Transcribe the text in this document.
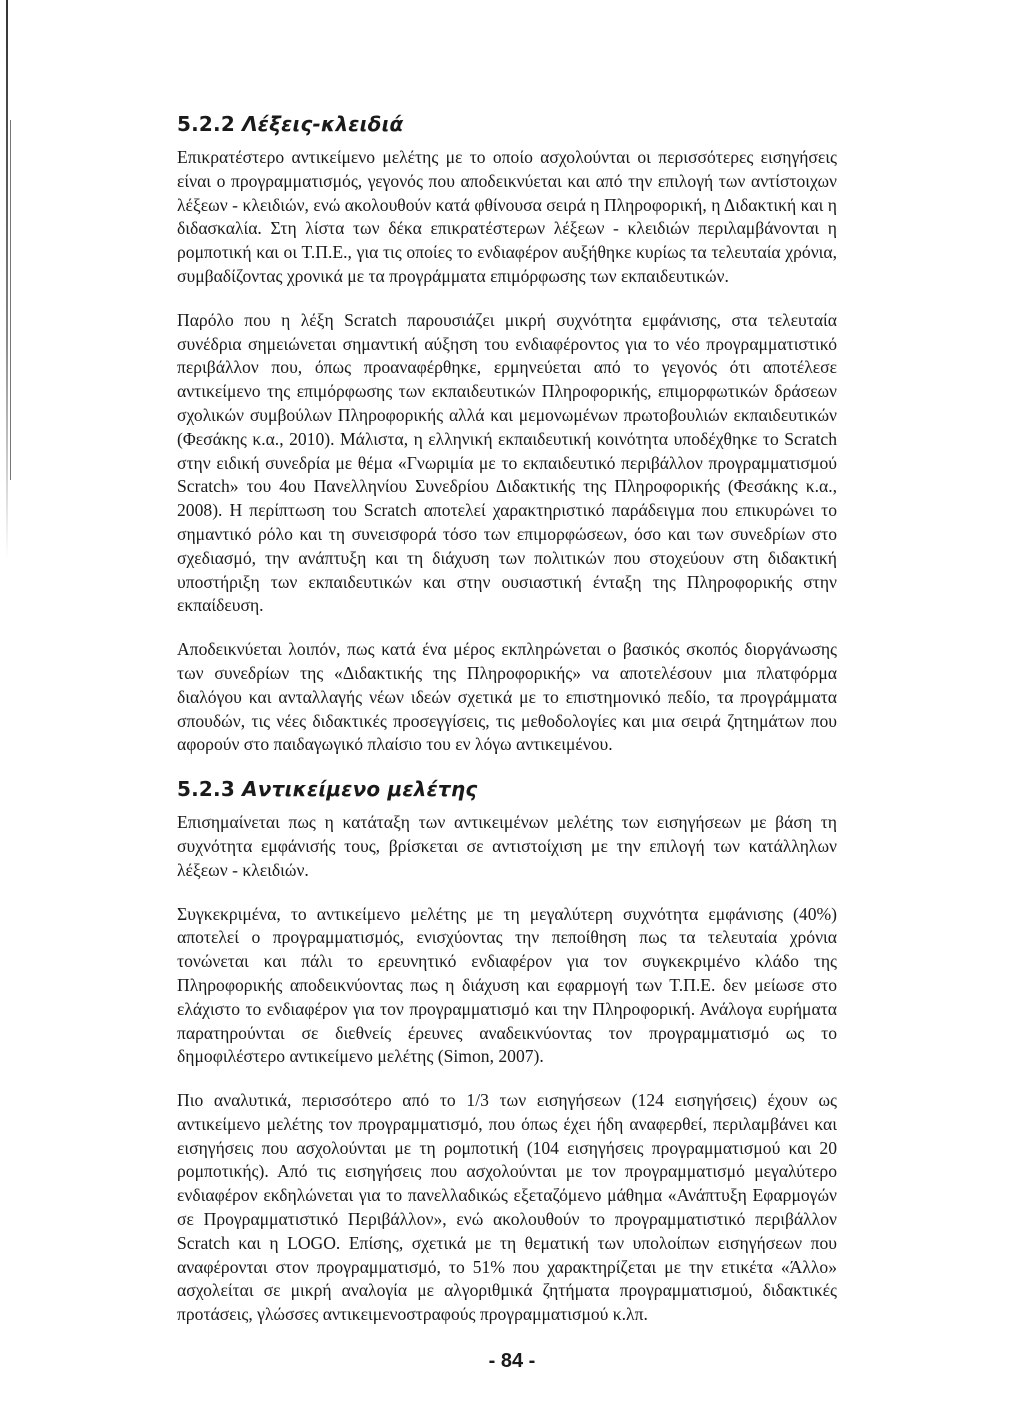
5.2.2 Λέξεις-κλειδιά

Επικρατέστερο αντικείμενο μελέτης με το οποίο ασχολούνται οι περισσότερες εισηγήσεις είναι ο προγραμματισμός, γεγονός που αποδεικνύεται και από την επιλογή των αντίστοιχων λέξεων - κλειδιών, ενώ ακολουθούν κατά φθίνουσα σειρά η Πληροφορική, η Διδακτική και η διδασκαλία. Στη λίστα των δέκα επικρατέστερων λέξεων - κλειδιών περιλαμβάνονται η ρομποτική και οι Τ.Π.Ε., για τις οποίες το ενδιαφέρον αυξήθηκε κυρίως τα τελευταία χρόνια, συμβαδίζοντας χρονικά με τα προγράμματα επιμόρφωσης των εκπαιδευτικών.

Παρόλο που η λέξη Scratch παρουσιάζει μικρή συχνότητα εμφάνισης, στα τελευταία συνέδρια σημειώνεται σημαντική αύξηση του ενδιαφέροντος για το νέο προγραμματιστικό περιβάλλον που, όπως προαναφέρθηκε, ερμηνεύεται από το γεγονός ότι αποτέλεσε αντικείμενο της επιμόρφωσης των εκπαιδευτικών Πληροφορικής, επιμορφωτικών δράσεων σχολικών συμβούλων Πληροφορικής αλλά και μεμονωμένων πρωτοβουλιών εκπαιδευτικών (Φεσάκης κ.α., 2010). Μάλιστα, η ελληνική εκπαιδευτική κοινότητα υποδέχθηκε το Scratch στην ειδική συνεδρία με θέμα «Γνωριμία με το εκπαιδευτικό περιβάλλον προγραμματισμού Scratch» του 4ου Πανελληνίου Συνεδρίου Διδακτικής της Πληροφορικής (Φεσάκης κ.α., 2008). Η περίπτωση του Scratch αποτελεί χαρακτηριστικό παράδειγμα που επικυρώνει το σημαντικό ρόλο και τη συνεισφορά τόσο των επιμορφώσεων, όσο και των συνεδρίων στο σχεδιασμό, την ανάπτυξη και τη διάχυση των πολιτικών που στοχεύουν στη διδακτική υποστήριξη των εκπαιδευτικών και στην ουσιαστική ένταξη της Πληροφορικής στην εκπαίδευση.

Αποδεικνύεται λοιπόν, πως κατά ένα μέρος εκπληρώνεται ο βασικός σκοπός διοργάνωσης των συνεδρίων της «Διδακτικής της Πληροφορικής» να αποτελέσουν μια πλατφόρμα διαλόγου και ανταλλαγής νέων ιδεών σχετικά με το επιστημονικό πεδίο, τα προγράμματα σπουδών, τις νέες διδακτικές προσεγγίσεις, τις μεθοδολογίες και μια σειρά ζητημάτων που αφορούν στο παιδαγωγικό πλαίσιο του εν λόγω αντικειμένου.

5.2.3 Αντικείμενο μελέτης

Επισημαίνεται πως η κατάταξη των αντικειμένων μελέτης των εισηγήσεων με βάση τη συχνότητα εμφάνισής τους, βρίσκεται σε αντιστοίχιση με την επιλογή των κατάλληλων λέξεων - κλειδιών.

Συγκεκριμένα, το αντικείμενο μελέτης με τη μεγαλύτερη συχνότητα εμφάνισης (40%) αποτελεί ο προγραμματισμός, ενισχύοντας την πεποίθηση πως τα τελευταία χρόνια τονώνεται και πάλι το ερευνητικό ενδιαφέρον για τον συγκεκριμένο κλάδο της Πληροφορικής αποδεικνύοντας πως η διάχυση και εφαρμογή των Τ.Π.Ε. δεν μείωσε στο ελάχιστο το ενδιαφέρον για τον προγραμματισμό και την Πληροφορική. Ανάλογα ευρήματα παρατηρούνται σε διεθνείς έρευνες αναδεικνύοντας τον προγραμματισμό ως το δημοφιλέστερο αντικείμενο μελέτης (Simon, 2007).

Πιο αναλυτικά, περισσότερο από το 1/3 των εισηγήσεων (124 εισηγήσεις) έχουν ως αντικείμενο μελέτης τον προγραμματισμό, που όπως έχει ήδη αναφερθεί, περιλαμβάνει και εισηγήσεις που ασχολούνται με τη ρομποτική (104 εισηγήσεις προγραμματισμού και 20 ρομποτικής). Από τις εισηγήσεις που ασχολούνται με τον προγραμματισμό μεγαλύτερο ενδιαφέρον εκδηλώνεται για το πανελλαδικώς εξεταζόμενο μάθημα «Ανάπτυξη Εφαρμογών σε Προγραμματιστικό Περιβάλλον», ενώ ακολουθούν το προγραμματιστικό περιβάλλον Scratch και η LOGO. Επίσης, σχετικά με τη θεματική των υπολοίπων εισηγήσεων που αναφέρονται στον προγραμματισμό, το 51% που χαρακτηρίζεται με την ετικέτα «Άλλο» ασχολείται σε μικρή αναλογία με αλγοριθμικά ζητήματα προγραμματισμού, διδακτικές προτάσεις, γλώσσες αντικειμενοστραφούς προγραμματισμού κ.λπ.

- 84 -
